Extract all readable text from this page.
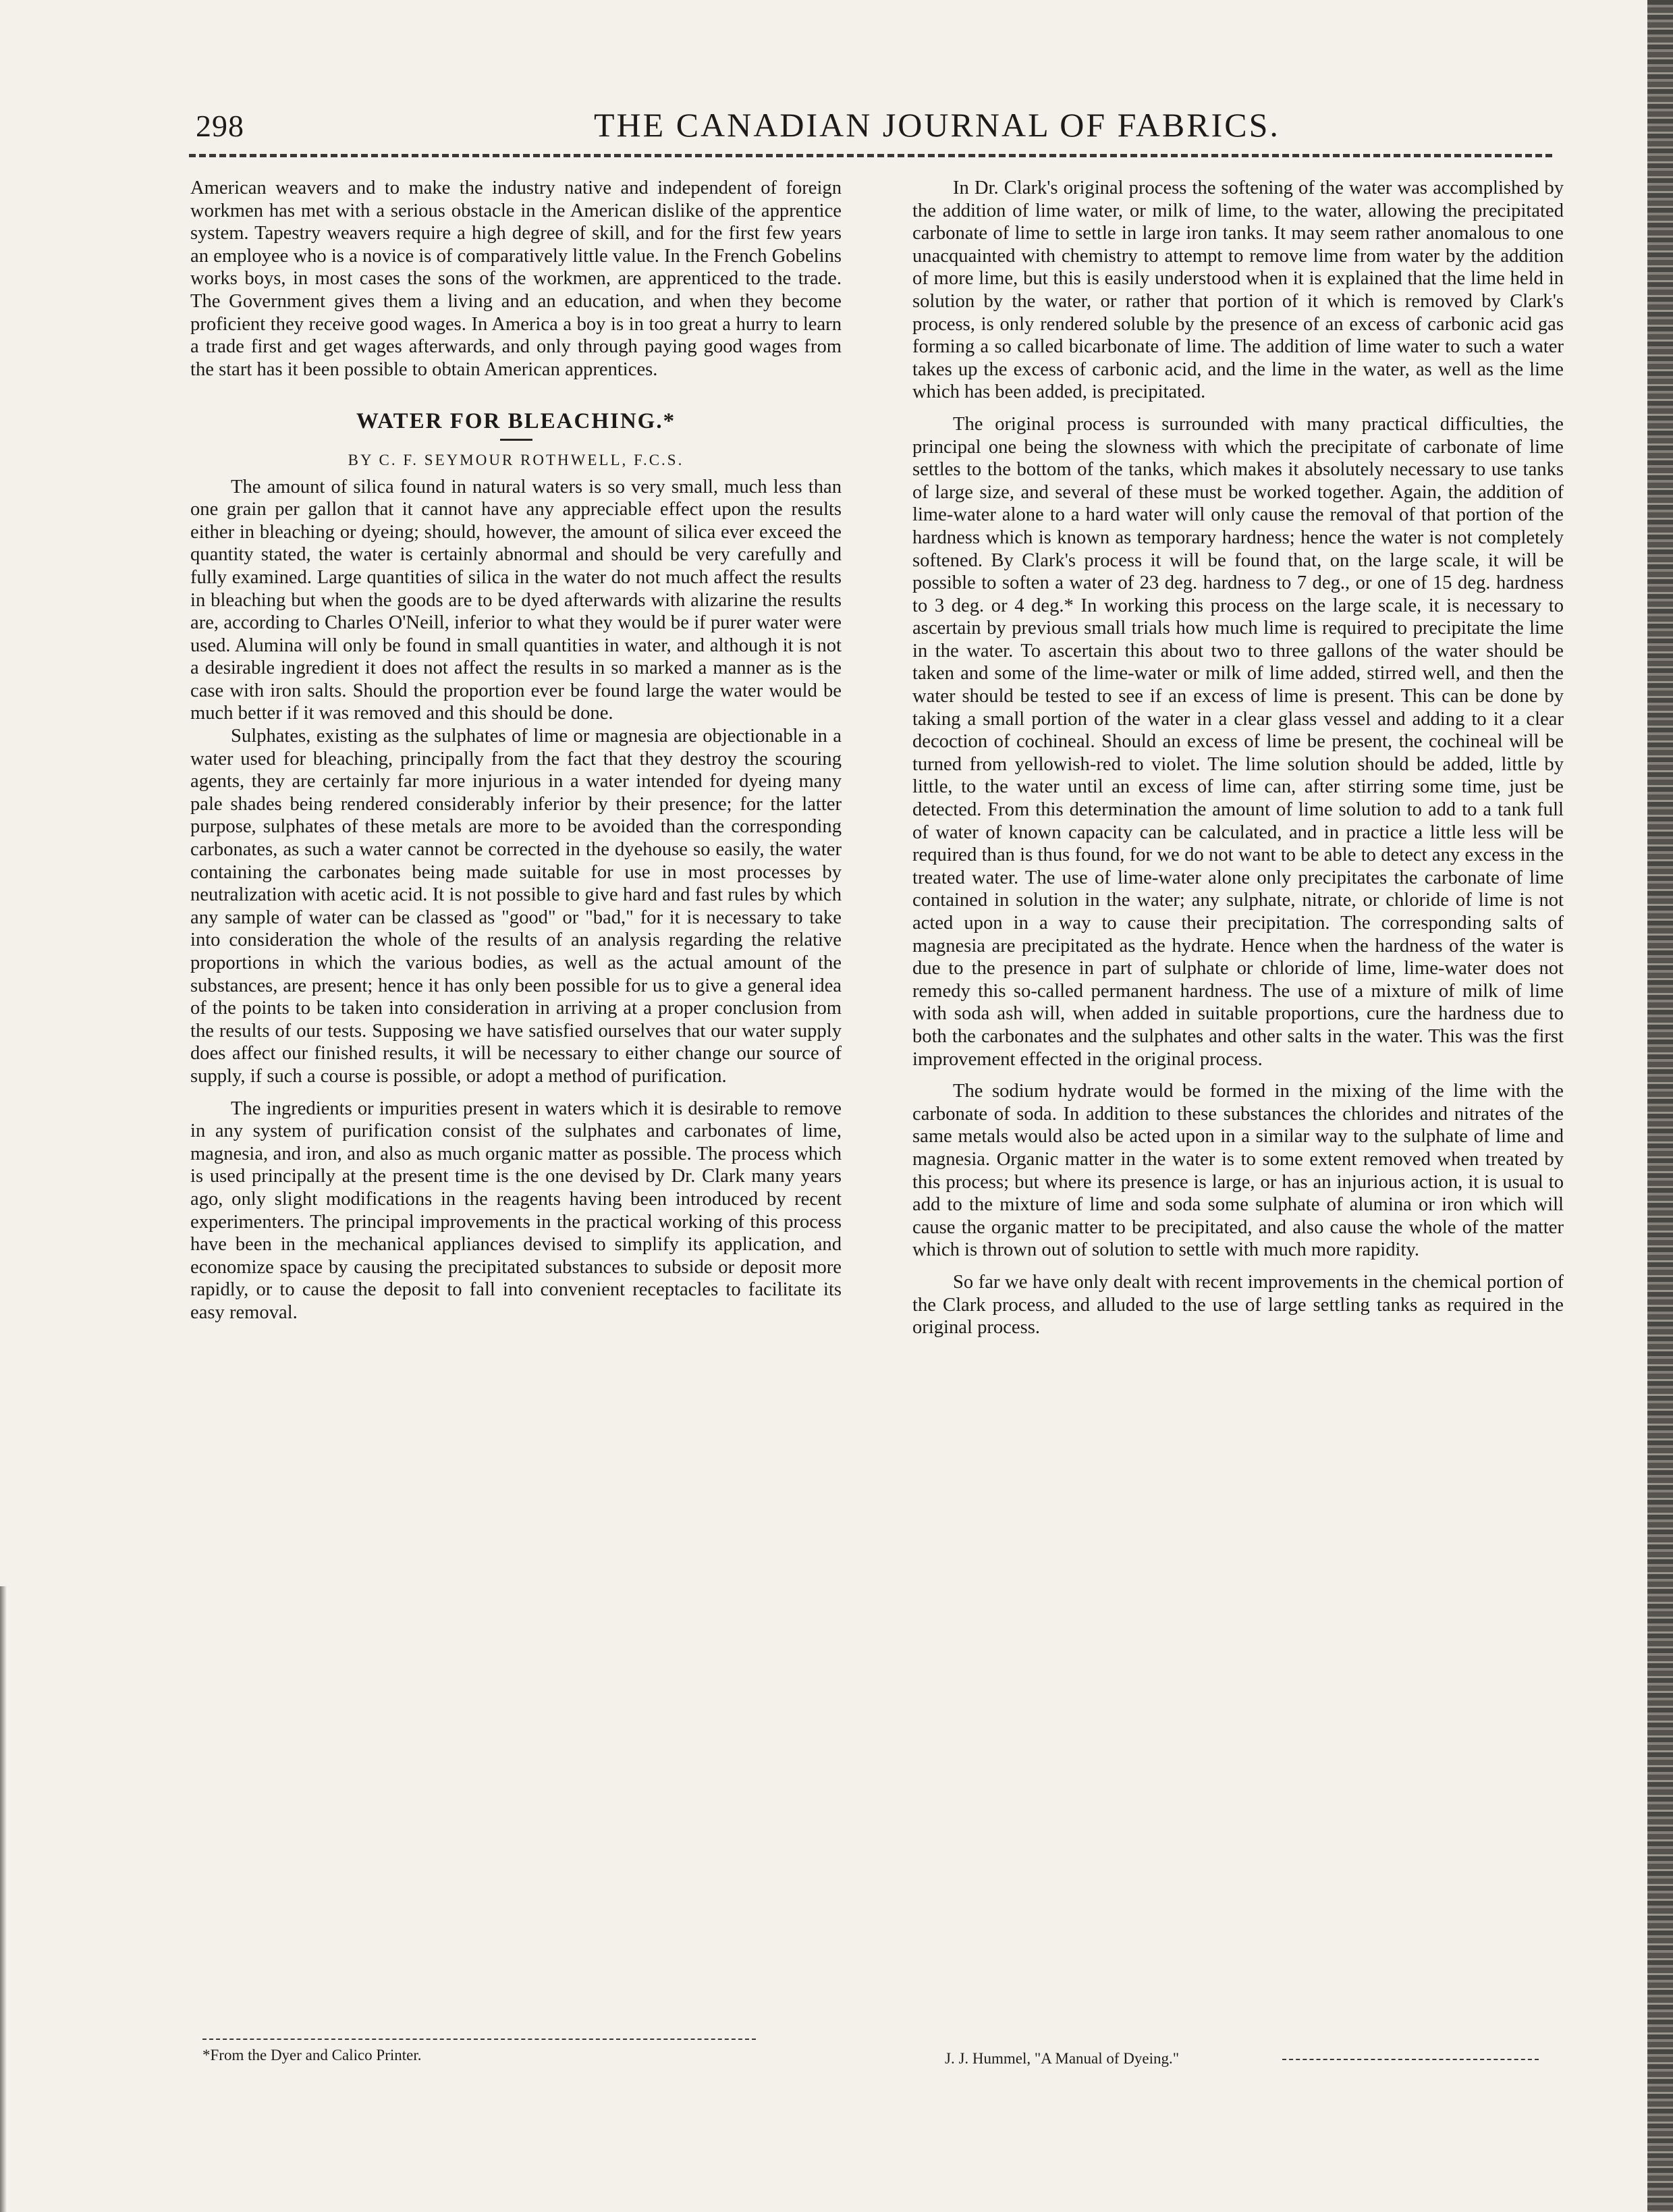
298	THE CANADIAN JOURNAL OF FABRICS.

American weavers and to make the industry native and independent of foreign workmen has met with a serious obstacle in the American dislike of the apprentice system. Tapestry weavers require a high degree of skill, and for the first few years an employee who is a novice is of comparatively little value. In the French Gobelins works boys, in most cases the sons of the workmen, are apprenticed to the trade. The Government gives them a living and an education, and when they become proficient they receive good wages. In America a boy is in too great a hurry to learn a trade first and get wages afterwards, and only through paying good wages from the start has it been possible to obtain American apprentices.

WATER FOR BLEACHING.*
BY C. F. SEYMOUR ROTHWELL, F.C.S.

The amount of silica found in natural waters is so very small, much less than one grain per gallon that it cannot have any appreciable effect upon the results either in bleaching or dyeing; should, however, the amount of silica ever exceed the quantity stated, the water is certainly abnormal and should be very carefully and fully examined. Large quantities of silica in the water do not much affect the results in bleaching but when the goods are to be dyed afterwards with alizarine the results are, according to Charles O'Neill, inferior to what they would be if purer water were used. Alumina will only be found in small quantities in water, and although it is not a desirable ingredient it does not affect the results in so marked a manner as is the case with iron salts. Should the proportion ever be found large the water would be much better if it was removed and this should be done.

Sulphates, existing as the sulphates of lime or magnesia are objectionable in a water used for bleaching, principally from the fact that they destroy the scouring agents, they are certainly far more injurious in a water intended for dyeing many pale shades being rendered considerably inferior by their presence; for the latter purpose, sulphates of these metals are more to be avoided than the corresponding carbonates, as such a water cannot be corrected in the dyehouse so easily, the water containing the carbonates being made suitable for use in most processes by neutralization with acetic acid. It is not possible to give hard and fast rules by which any sample of water can be classed as "good" or "bad," for it is necessary to take into consideration the whole of the results of an analysis regarding the relative proportions in which the various bodies, as well as the actual amount of the substances, are present; hence it has only been possible for us to give a general idea of the points to be taken into consideration in arriving at a proper conclusion from the results of our tests. Supposing we have satisfied ourselves that our water supply does affect our finished results, it will be necessary to either change our source of supply, if such a course is possible, or adopt a method of purification.

The ingredients or impurities present in waters which it is desirable to remove in any system of purification consist of the sulphates and carbonates of lime, magnesia, and iron, and also as much organic matter as possible. The process which is used principally at the present time is the one devised by Dr. Clark many years ago, only slight modifications in the reagents having been introduced by recent experimenters. The principal improvements in the practical working of this process have been in the mechanical appliances devised to simplify its application, and economize space by causing the precipitated substances to subside or deposit more rapidly, or to cause the deposit to fall into convenient receptacles to facilitate its easy removal.

In Dr. Clark's original process the softening of the water was accomplished by the addition of lime water, or milk of lime, to the water, allowing the precipitated carbonate of lime to settle in large iron tanks. It may seem rather anomalous to one unacquainted with chemistry to attempt to remove lime from water by the addition of more lime, but this is easily understood when it is explained that the lime held in solution by the water, or rather that portion of it which is removed by Clark's process, is only rendered soluble by the presence of an excess of carbonic acid gas forming a so called bicarbonate of lime. The addition of lime water to such a water takes up the excess of carbonic acid, and the lime in the water, as well as the lime which has been added, is precipitated.

The original process is surrounded with many practical difficulties, the principal one being the slowness with which the precipitate of carbonate of lime settles to the bottom of the tanks, which makes it absolutely necessary to use tanks of large size, and several of these must be worked together. Again, the addition of lime-water alone to a hard water will only cause the removal of that portion of the hardness which is known as temporary hardness; hence the water is not completely softened. By Clark's process it will be found that, on the large scale, it will be possible to soften a water of 23 deg. hardness to 7 deg., or one of 15 deg. hardness to 3 deg. or 4 deg.* In working this process on the large scale, it is necessary to ascertain by previous small trials how much lime is required to precipitate the lime in the water. To ascertain this about two to three gallons of the water should be taken and some of the lime-water or milk of lime added, stirred well, and then the water should be tested to see if an excess of lime is present. This can be done by taking a small portion of the water in a clear glass vessel and adding to it a clear decoction of cochineal. Should an excess of lime be present, the cochineal will be turned from yellowish-red to violet. The lime solution should be added, little by little, to the water until an excess of lime can, after stirring some time, just be detected. From this determination the amount of lime solution to add to a tank full of water of known capacity can be calculated, and in practice a little less will be required than is thus found, for we do not want to be able to detect any excess in the treated water. The use of lime-water alone only precipitates the carbonate of lime contained in solution in the water; any sulphate, nitrate, or chloride of lime is not acted upon in a way to cause their precipitation. The corresponding salts of magnesia are precipitated as the hydrate. Hence when the hardness of the water is due to the presence in part of sulphate or chloride of lime, lime-water does not remedy this so-called permanent hardness. The use of a mixture of milk of lime with soda ash will, when added in suitable proportions, cure the hardness due to both the carbonates and the sulphates and other salts in the water. This was the first improvement effected in the original process.

The sodium hydrate would be formed in the mixing of the lime with the carbonate of soda. In addition to these substances the chlorides and nitrates of the same metals would also be acted upon in a similar way to the sulphate of lime and magnesia. Organic matter in the water is to some extent removed when treated by this process; but where its presence is large, or has an injurious action, it is usual to add to the mixture of lime and soda some sulphate of alumina or iron which will cause the organic matter to be precipitated, and also cause the whole of the matter which is thrown out of solution to settle with much more rapidity.

So far we have only dealt with recent improvements in the chemical portion of the Clark process, and alluded to the use of large settling tanks as required in the original process.

*From the Dyer and Calico Printer.	J. J. Hummel, "A Manual of Dyeing."
